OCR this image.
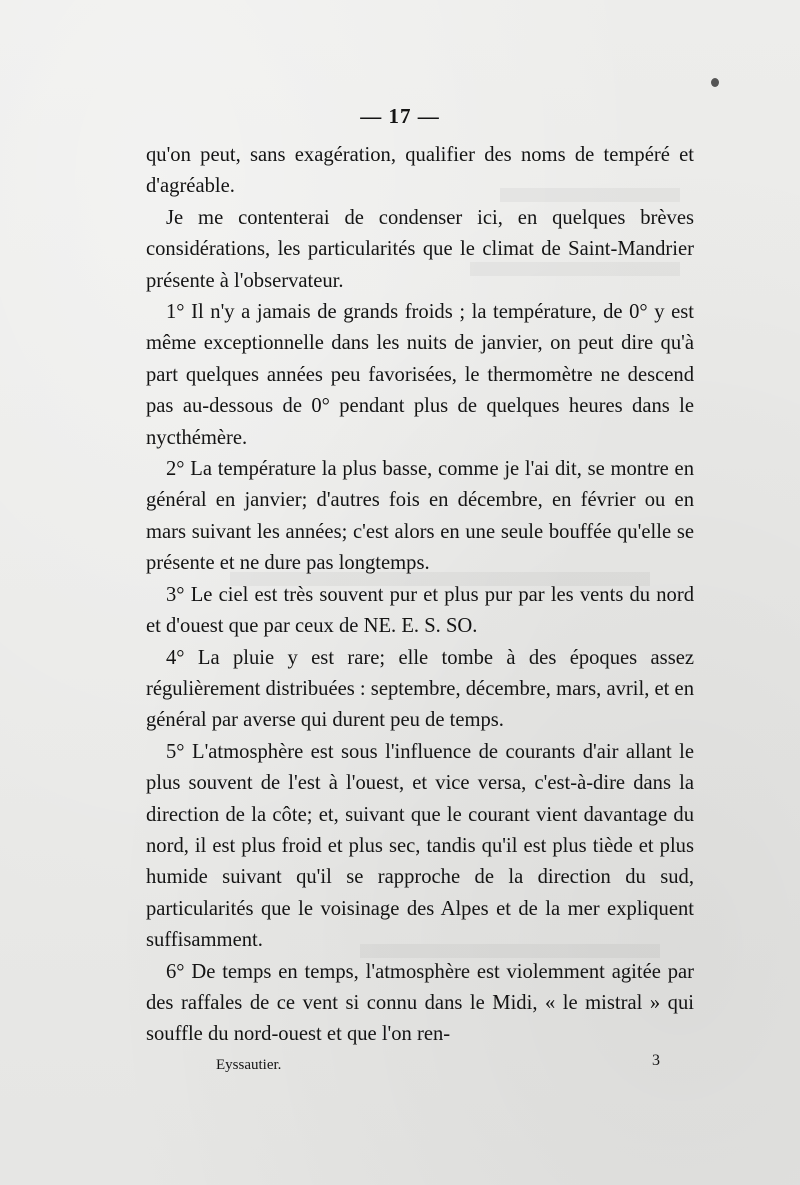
— 17 —

qu'on peut, sans exagération, qualifier des noms de tempéré et d'agréable.

Je me contenterai de condenser ici, en quelques brèves considérations, les particularités que le climat de Saint-Mandrier présente à l'observateur.

1° Il n'y a jamais de grands froids ; la température, de 0° y est même exceptionnelle dans les nuits de janvier, on peut dire qu'à part quelques années peu favorisées, le thermomètre ne descend pas au-dessous de 0° pendant plus de quelques heures dans le nycthémère.

2° La température la plus basse, comme je l'ai dit, se montre en général en janvier; d'autres fois en décembre, en février ou en mars suivant les années; c'est alors en une seule bouffée qu'elle se présente et ne dure pas longtemps.

3° Le ciel est très souvent pur et plus pur par les vents du nord et d'ouest que par ceux de NE. E. S. SO.

4° La pluie y est rare; elle tombe à des époques assez régulièrement distribuées : septembre, décembre, mars, avril, et en général par averse qui durent peu de temps.

5° L'atmosphère est sous l'influence de courants d'air allant le plus souvent de l'est à l'ouest, et vice versa, c'est-à-dire dans la direction de la côte; et, suivant que le courant vient davantage du nord, il est plus froid et plus sec, tandis qu'il est plus tiède et plus humide suivant qu'il se rapproche de la direction du sud, particularités que le voisinage des Alpes et de la mer expliquent suffisamment.

6° De temps en temps, l'atmosphère est violemment agitée par des raffales de ce vent si connu dans le Midi, « le mistral » qui souffle du nord-ouest et que l'on ren-

Eyssautier.	3
